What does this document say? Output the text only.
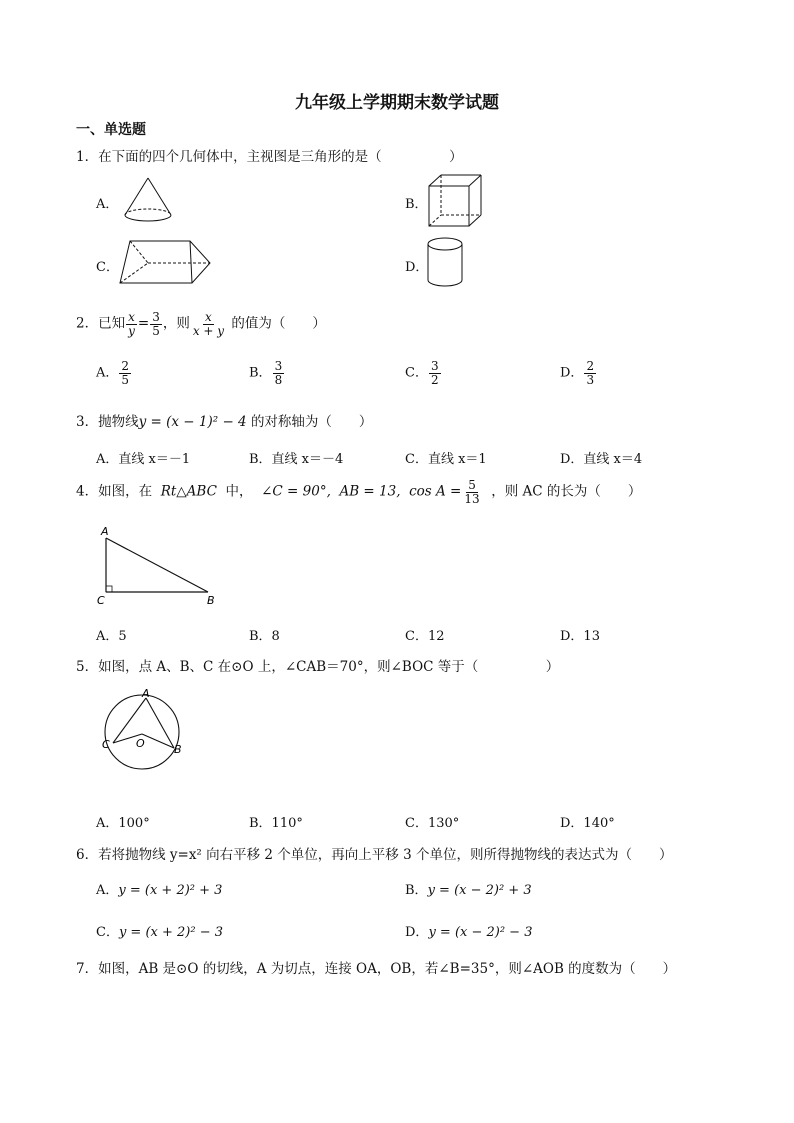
九年级上学期期末数学试题
一、单选题
1．在下面的四个几何体中，主视图是三角形的是（　　　　　）
A．	B．
C．	D．
2．已知 $\frac{x}{y} = \frac{3}{5}$ ，则 $\frac{x}{x + y}$ 的值为（　　）
A． $\frac{2}{5}$	B． $\frac{3}{8}$	C． $\frac{3}{2}$	D． $\frac{2}{3}$
3．抛物线y = (x − 1)² − 4 的对称轴为（　　）
A．直线 x＝－1	B．直线 x＝－4	C．直线 x＝1	D．直线 x＝4
4．如图，在 Rt△ABC 中， ∠C = 90°, AB = 13, $\cos A = \frac{5}{13}$ ，则 AC 的长为（　　）
A
C	B
A．5	B．8	C．12	D．13
5．如图，点 A、B、C 在⊙O 上，∠CAB＝70°，则∠BOC 等于（　　　　　）
A
C O	B
A．100°	B．110°	C．130°	D．140°
6．若将抛物线 y=x² 向右平移 2 个单位，再向上平移 3 个单位，则所得抛物线的表达式为（　　）
A．y = (x + 2)² + 3	B．y = (x − 2)² + 3
C．y = (x + 2)² − 3	D．y = (x − 2)² − 3
7．如图，AB 是⊙O 的切线，A 为切点，连接 OA，OB，若∠B=35°，则∠AOB 的度数为（　　）
